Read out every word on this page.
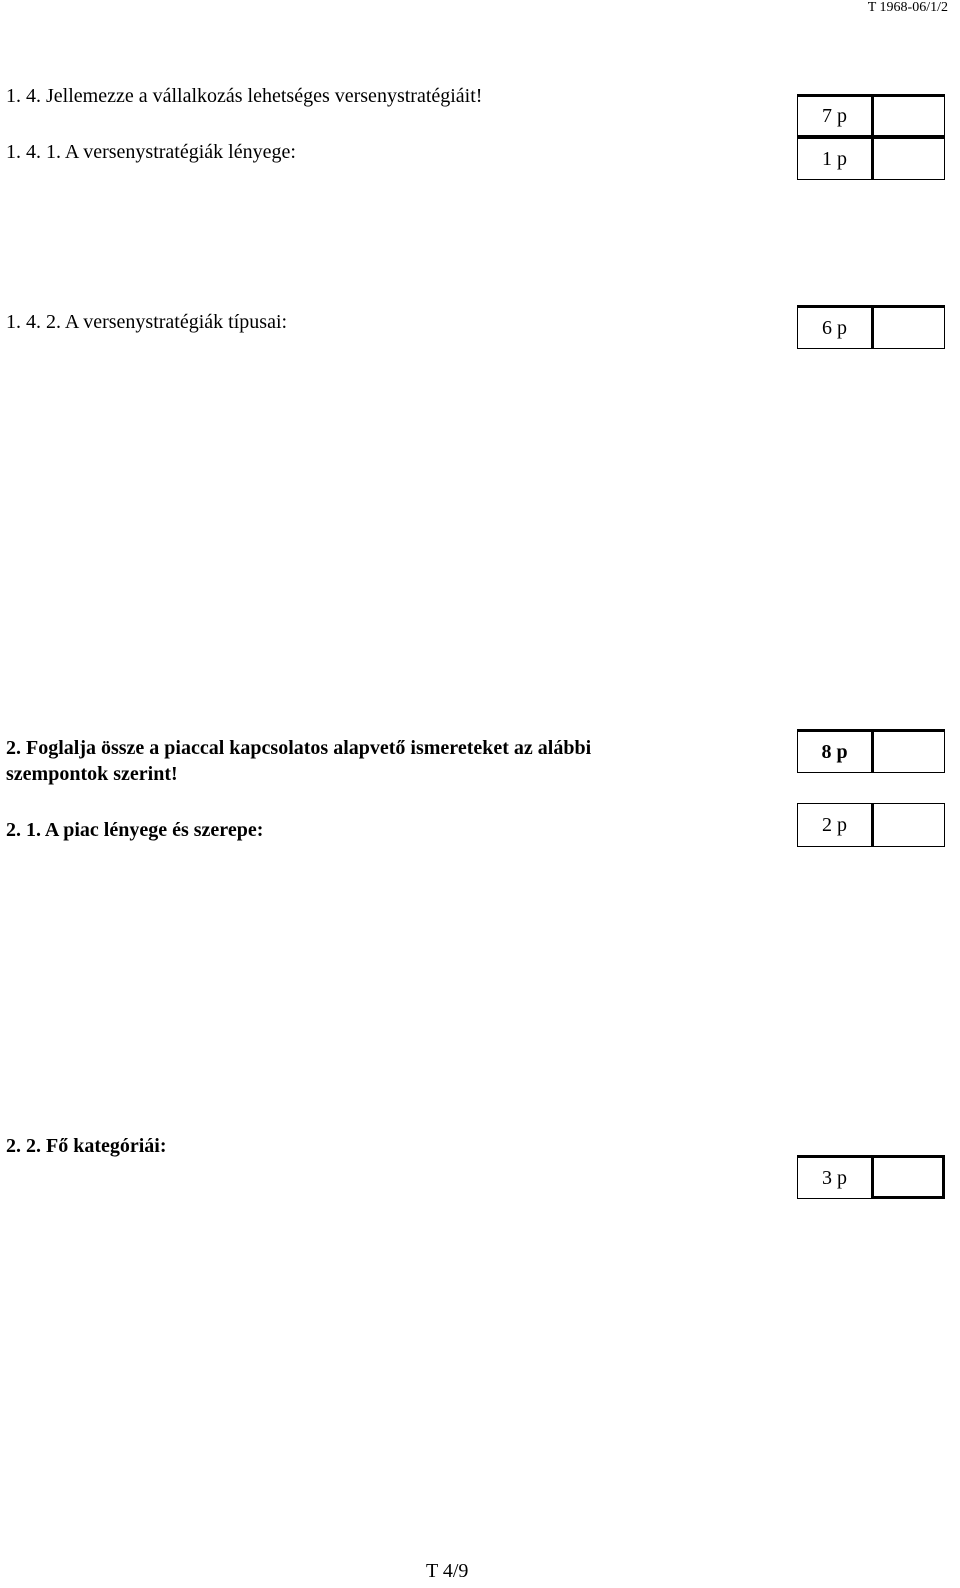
T 1968-06/1/2
1. 4. Jellemezze a vállalkozás lehetséges versenystratégiáit!
7 p
1. 4. 1. A versenystratégiák lényege:	1 p
1. 4. 2. A versenystratégiák típusai:	6 p
2. Foglalja össze a piaccal kapcsolatos alapvető ismereteket az alábbi
szempontok szerint!
8 p
2. 1. A piac lényege és szerepe:	2 p
2. 2. Fő kategóriái:
3 p
T 4/9
